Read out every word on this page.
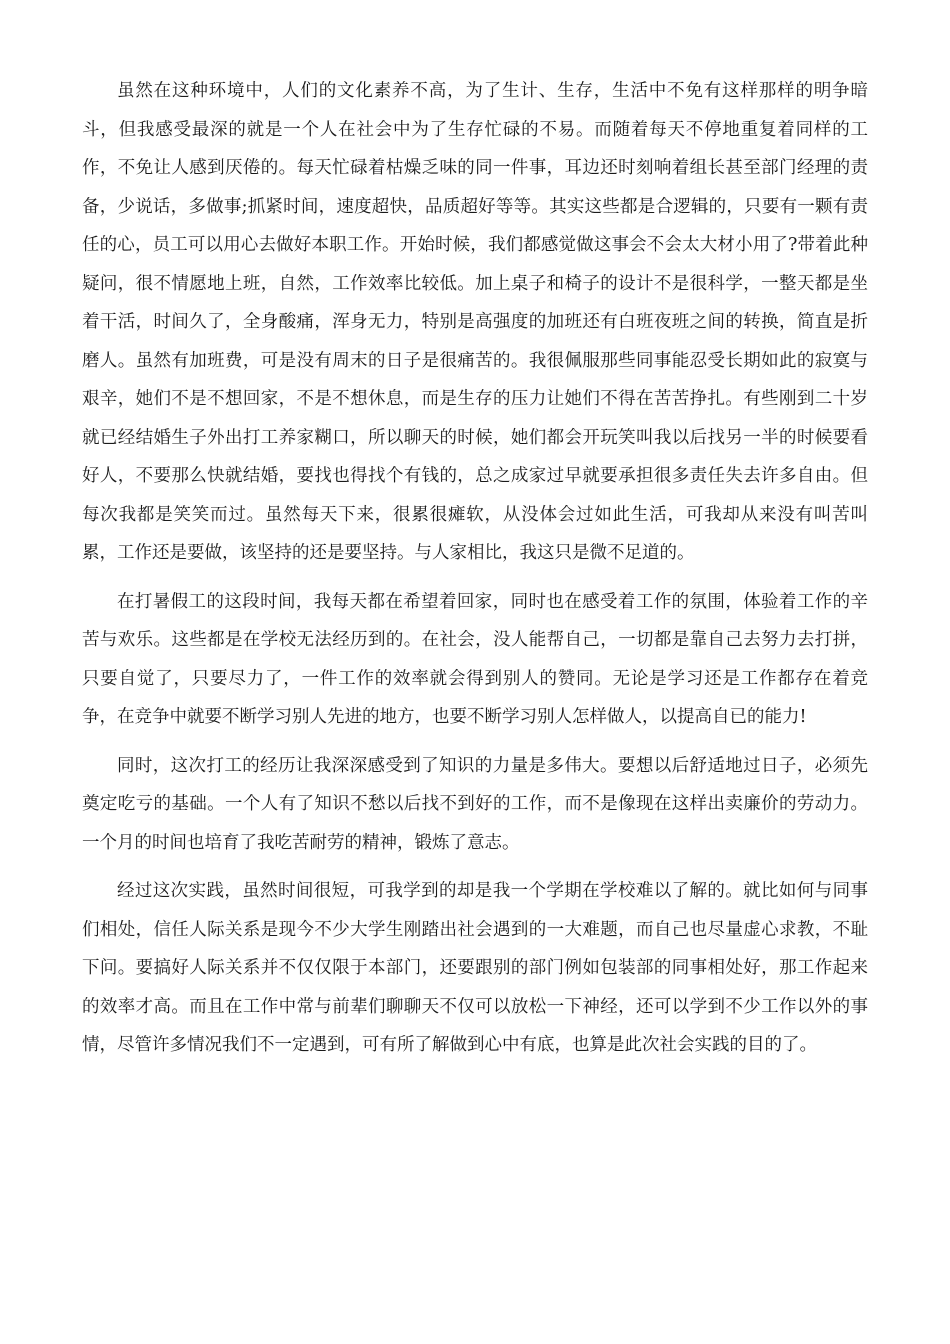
虽然在这种环境中，人们的文化素养不高，为了生计、生存，生活中不免有这样那样的明争暗斗，但我感受最深的就是一个人在社会中为了生存忙碌的不易。而随着每天不停地重复着同样的工作，不免让人感到厌倦的。每天忙碌着枯燥乏味的同一件事，耳边还时刻响着组长甚至部门经理的责备，少说话，多做事;抓紧时间，速度超快，品质超好等等。其实这些都是合逻辑的，只要有一颗有责任的心，员工可以用心去做好本职工作。开始时候，我们都感觉做这事会不会太大材小用了?带着此种疑问，很不情愿地上班，自然，工作效率比较低。加上桌子和椅子的设计不是很科学，一整天都是坐着干活，时间久了，全身酸痛，浑身无力，特别是高强度的加班还有白班夜班之间的转换，简直是折磨人。虽然有加班费，可是没有周末的日子是很痛苦的。我很佩服那些同事能忍受长期如此的寂寞与艰辛，她们不是不想回家，不是不想休息，而是生存的压力让她们不得在苦苦挣扎。有些刚到二十岁就已经结婚生子外出打工养家糊口，所以聊天的时候，她们都会开玩笑叫我以后找另一半的时候要看好人，不要那么快就结婚，要找也得找个有钱的，总之成家过早就要承担很多责任失去许多自由。但每次我都是笑笑而过。虽然每天下来，很累很瘫软，从没体会过如此生活，可我却从来没有叫苦叫累，工作还是要做，该坚持的还是要坚持。与人家相比，我这只是微不足道的。

在打暑假工的这段时间，我每天都在希望着回家，同时也在感受着工作的氛围，体验着工作的辛苦与欢乐。这些都是在学校无法经历到的。在社会，没人能帮自己，一切都是靠自己去努力去打拼，只要自觉了，只要尽力了，一件工作的效率就会得到别人的赞同。无论是学习还是工作都存在着竞争，在竞争中就要不断学习别人先进的地方，也要不断学习别人怎样做人，以提高自已的能力!

同时，这次打工的经历让我深深感受到了知识的力量是多伟大。要想以后舒适地过日子，必须先奠定吃亏的基础。一个人有了知识不愁以后找不到好的工作，而不是像现在这样出卖廉价的劳动力。一个月的时间也培育了我吃苦耐劳的精神，锻炼了意志。

经过这次实践，虽然时间很短，可我学到的却是我一个学期在学校难以了解的。就比如何与同事们相处，信任人际关系是现今不少大学生刚踏出社会遇到的一大难题，而自己也尽量虚心求教，不耻下问。要搞好人际关系并不仅仅限于本部门，还要跟别的部门例如包装部的同事相处好，那工作起来的效率才高。而且在工作中常与前辈们聊聊天不仅可以放松一下神经，还可以学到不少工作以外的事情，尽管许多情况我们不一定遇到，可有所了解做到心中有底，也算是此次社会实践的目的了。
